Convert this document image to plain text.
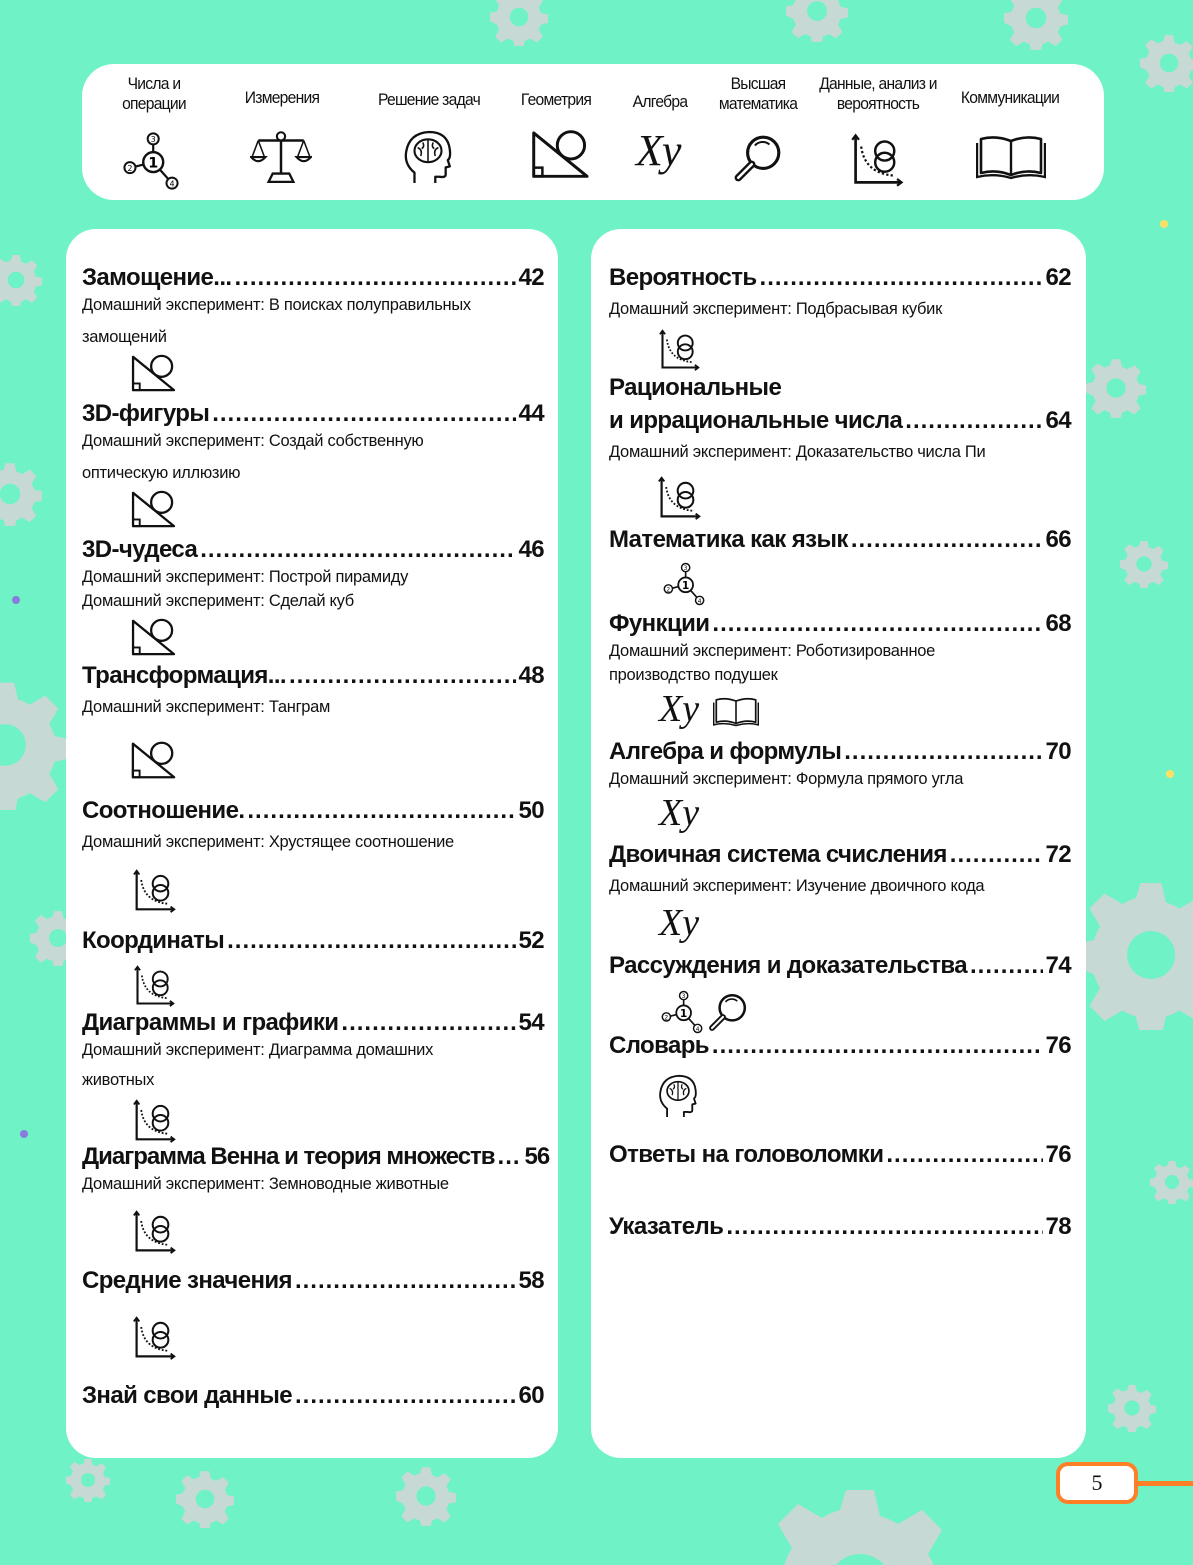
Числа и
операции	Измерения	Решение задач	Геометрия	Алгебра
Xy
Высшая
математика
Данные, анализ и
вероятность	Коммуникации
Замощение... .....	42
Домашний эксперимент: В поисках полуправильных
замощений
3D-фигуры .....	44
Домашний эксперимент: Создай собственную
оптическую иллюзию
3D-чудеса .....	46
Домашний эксперимент: Построй пирамиду
Домашний эксперимент: Сделай куб
Трансформация... .....	48
Домашний эксперимент: Танграм
Соотношение. .....	50
Домашний эксперимент: Хрустящее соотношение
Координаты .....	52
Диаграммы и графики .....	54
Домашний эксперимент: Диаграмма домашних
животных
Диаграмма Венна и теория множеств ..... 56
Домашний эксперимент: Земноводные животные
Средние значения .....	58
Знай свои данные .....	60
Вероятность .....	62
Домашний эксперимент: Подбрасывая кубик
Рациональные
и иррациональные числа .....	64
Домашний эксперимент: Доказательство числа Пи
Математика как язык .....	66
Функции .....	68
Домашний эксперимент: Роботизированное
производство подушек
Xy
Алгебра и формулы .....	70
Домашний эксперимент: Формула прямого угла
Xy
Двоичная система счисления .....	72
Домашний эксперимент: Изучение двоичного кода
Xy
Рассуждения и доказательства .....	74
Словарь .....	76
Ответы на головоломки .....	76
Указатель .....	78
5
